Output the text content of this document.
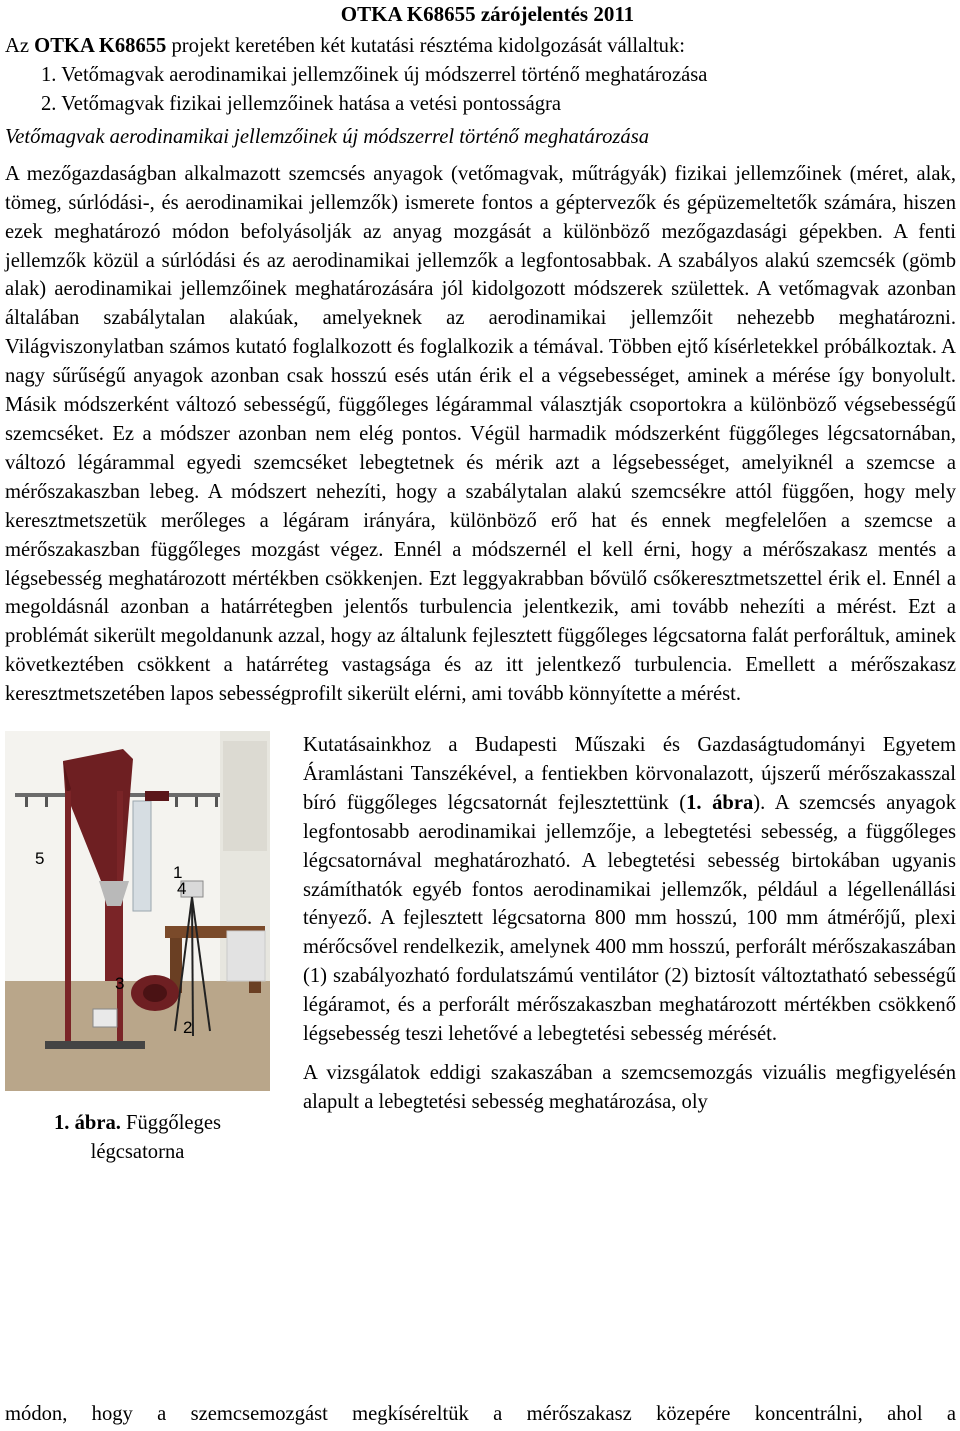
OTKA K68655 zárójelentés 2011
Az OTKA K68655 projekt keretében két kutatási résztéma kidolgozását vállaltuk:
1. Vetőmagvak aerodinamikai jellemzőinek új módszerrel történő meghatározása
2. Vetőmagvak fizikai jellemzőinek hatása a vetési pontosságra
Vetőmagvak aerodinamikai jellemzőinek új módszerrel történő meghatározása

A mezőgazdaságban alkalmazott szemcsés anyagok (vetőmagvak, műtrágyák) fizikai jellemzőinek (méret, alak, tömeg, súrlódási-, és aerodinamikai jellemzők) ismerete fontos a géptervezők és gépüzemeltetők számára, hiszen ezek meghatározó módon befolyásolják az anyag mozgását a különböző mezőgazdasági gépekben. A fenti jellemzők közül a súrlódási és az aerodinamikai jellemzők a legfontosabbak. A szabályos alakú szemcsék (gömb alak) aerodinamikai jellemzőinek meghatározására jól kidolgozott módszerek születtek. A vetőmagvak azonban általában szabálytalan alakúak, amelyeknek az aerodinamikai jellemzőit nehezebb meghatározni. Világviszonylatban számos kutató foglalkozott és foglalkozik a témával. Többen ejtő kísérletekkel próbálkoztak. A nagy sűrűségű anyagok azonban csak hosszú esés után érik el a végsebességet, aminek a mérése így bonyolult. Másik módszerként változó sebességű, függőleges légárammal választják csoportokra a különböző végsebességű szemcséket. Ez a módszer azonban nem elég pontos. Végül harmadik módszerként függőleges légcsatornában, változó légárammal egyedi szemcséket lebegtetnek és mérik azt a légsebességet, amelyiknél a szemcse a mérőszakaszban lebeg. A módszert nehezíti, hogy a szabálytalan alakú szemcsékre attól függően, hogy mely keresztmetszetük merőleges a légáram irányára, különböző erő hat és ennek megfelelően a szemcse a mérőszakaszban függőleges mozgást végez. Ennél a módszernél el kell érni, hogy a mérőszakasz mentés a légsebesség meghatározott mértékben csökkenjen. Ezt leggyakrabban bővülő csőkeresztmetszettel érik el. Ennél a megoldásnál azonban a határrétegben jelentős turbulencia jelentkezik, ami tovább nehezíti a mérést. Ezt a problémát sikerült megoldanunk azzal, hogy az általunk fejlesztett függőleges légcsatorna falát perforáltuk, aminek következtében csökkent a határréteg vastagsága és az itt jelentkező turbulencia. Emellett a mérőszakasz keresztmetszetében lapos sebességprofilt sikerült elérni, ami tovább könnyítette a mérést.

5
1
4
3
2
1. ábra. Függőleges légcsatorna

Kutatásainkhoz a Budapesti Műszaki és Gazdaságtudományi Egyetem Áramlástani Tanszékével, a fentiekben körvonalazott, újszerű mérőszakasszal bíró függőleges légcsatornát fejlesztettünk (1. ábra). A szemcsés anyagok legfontosabb aerodinamikai jellemzője, a lebegtetési sebesség, a függőleges légcsatornával meghatározható. A lebegtetési sebesség birtokában ugyanis számíthatók egyéb fontos aerodinamikai jellemzők, például a légellenállási tényező. A fejlesztett légcsatorna 800 mm hosszú, 100 mm átmérőjű, plexi mérőcsővel rendelkezik, amelynek 400 mm hosszú, perforált mérőszakaszában (1) szabályozható fordulatszámú ventilátor (2) biztosít változtatható sebességű légáramot, és a perforált mérőszakaszban meghatározott mértékben csökkenő légsebesség teszi lehetővé a lebegtetési sebesség mérését.

A vizsgálatok eddigi szakaszában a szemcsemozgás vizuális megfigyelésén alapult a lebegtetési sebesség meghatározása, oly

módon, hogy a szemcsemozgást megkíséreltük a mérőszakasz közepére koncentrálni, ahol a
